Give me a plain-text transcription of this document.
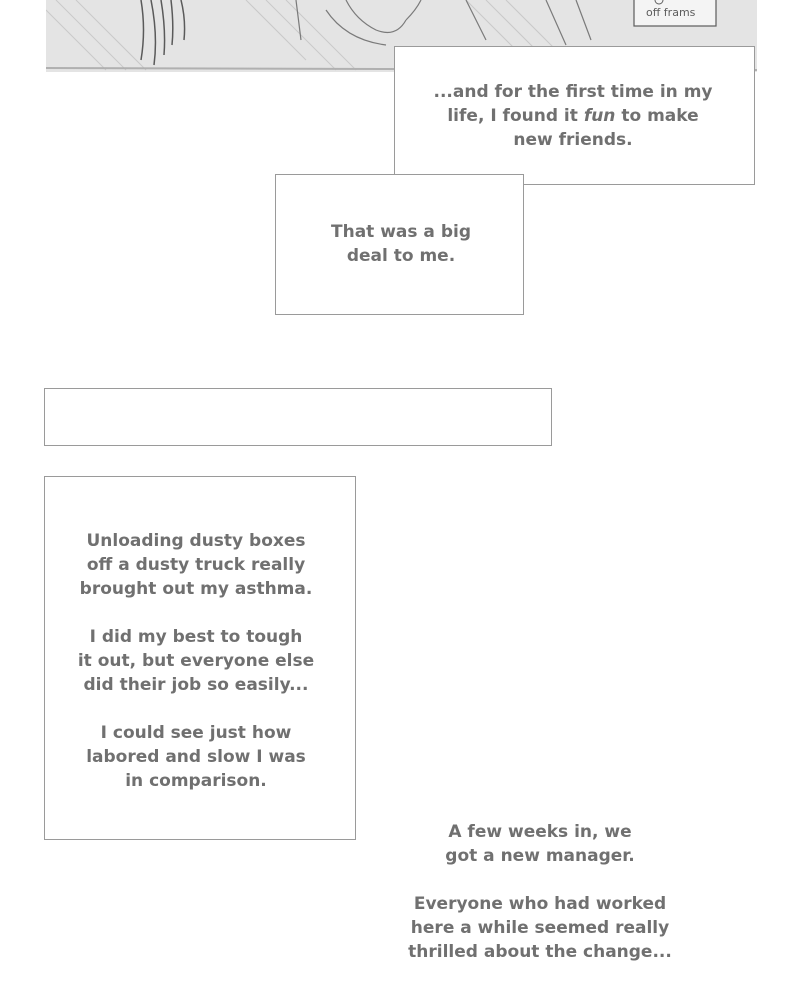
off frams
...and for the first time in my
life, I found it fun to make
new friends.
That was a big
deal to me.
Unloading dusty boxes
off a dusty truck really
brought out my asthma.
I did my best to tough
it out, but everyone else
did their job so easily...
I could see just how
labored and slow I was
in comparison.
A few weeks in, we
got a new manager.
Everyone who had worked
here a while seemed really
thrilled about the change...
